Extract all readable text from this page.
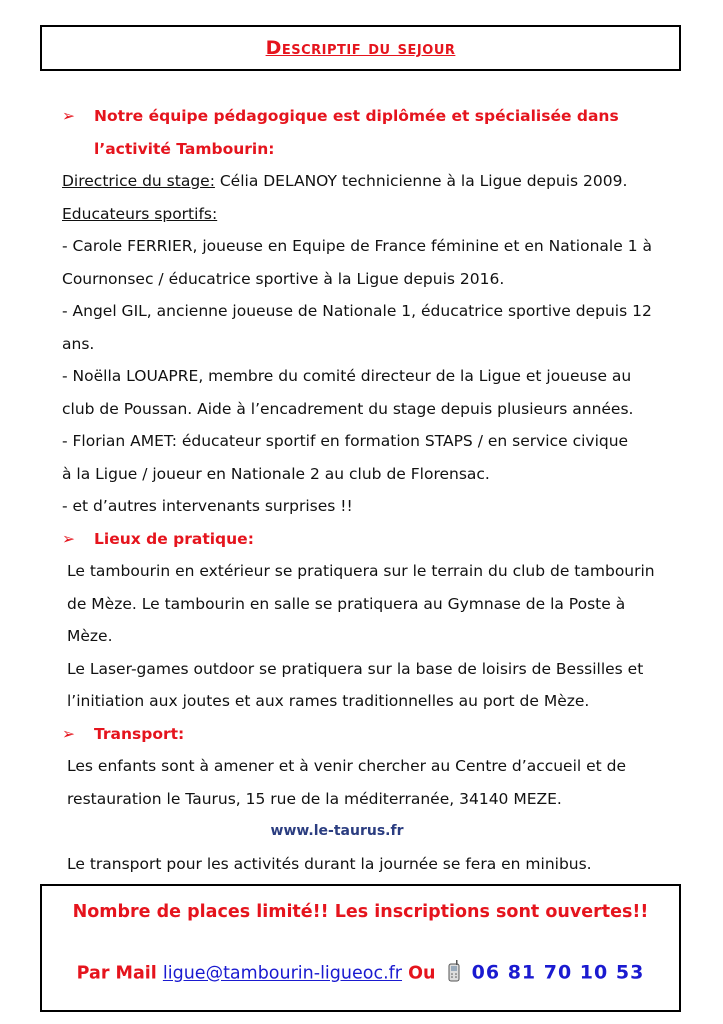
Descriptif du sejour
➢ Notre équipe pédagogique est diplômée et spécialisée dans
l’activité Tambourin:
Directrice du stage: Célia DELANOY technicienne à la Ligue depuis 2009.
Educateurs sportifs:
- Carole FERRIER, joueuse en Equipe de France féminine et en Nationale 1 à
Cournonsec / éducatrice sportive à la Ligue depuis 2016.
- Angel GIL, ancienne joueuse de Nationale 1, éducatrice sportive depuis 12
ans.
- Noëlla LOUAPRE, membre du comité directeur de la Ligue et joueuse au
club de Poussan. Aide à l’encadrement du stage depuis plusieurs années.
- Florian AMET: éducateur sportif en formation STAPS / en service civique
à la Ligue / joueur en Nationale 2 au club de Florensac.
- et d’autres intervenants surprises !!
➢ Lieux de pratique:
Le tambourin en extérieur se pratiquera sur le terrain du club de tambourin
de Mèze. Le tambourin en salle se pratiquera au Gymnase de la Poste à
Mèze.
Le Laser-games outdoor se pratiquera sur la base de loisirs de Bessilles et
l’initiation aux joutes et aux rames traditionnelles au port de Mèze.
➢ Transport:
Les enfants sont à amener et à venir chercher au Centre d’accueil et de
restauration le Taurus, 15 rue de la méditerranée, 34140 MEZE.
www.le-taurus.fr
Le transport pour les activités durant la journée se fera en minibus.
Nombre de places limité!! Les inscriptions sont ouvertes!!
Par Mail ligue@tambourin-ligueoc.fr Ou 06 81 70 10 53
